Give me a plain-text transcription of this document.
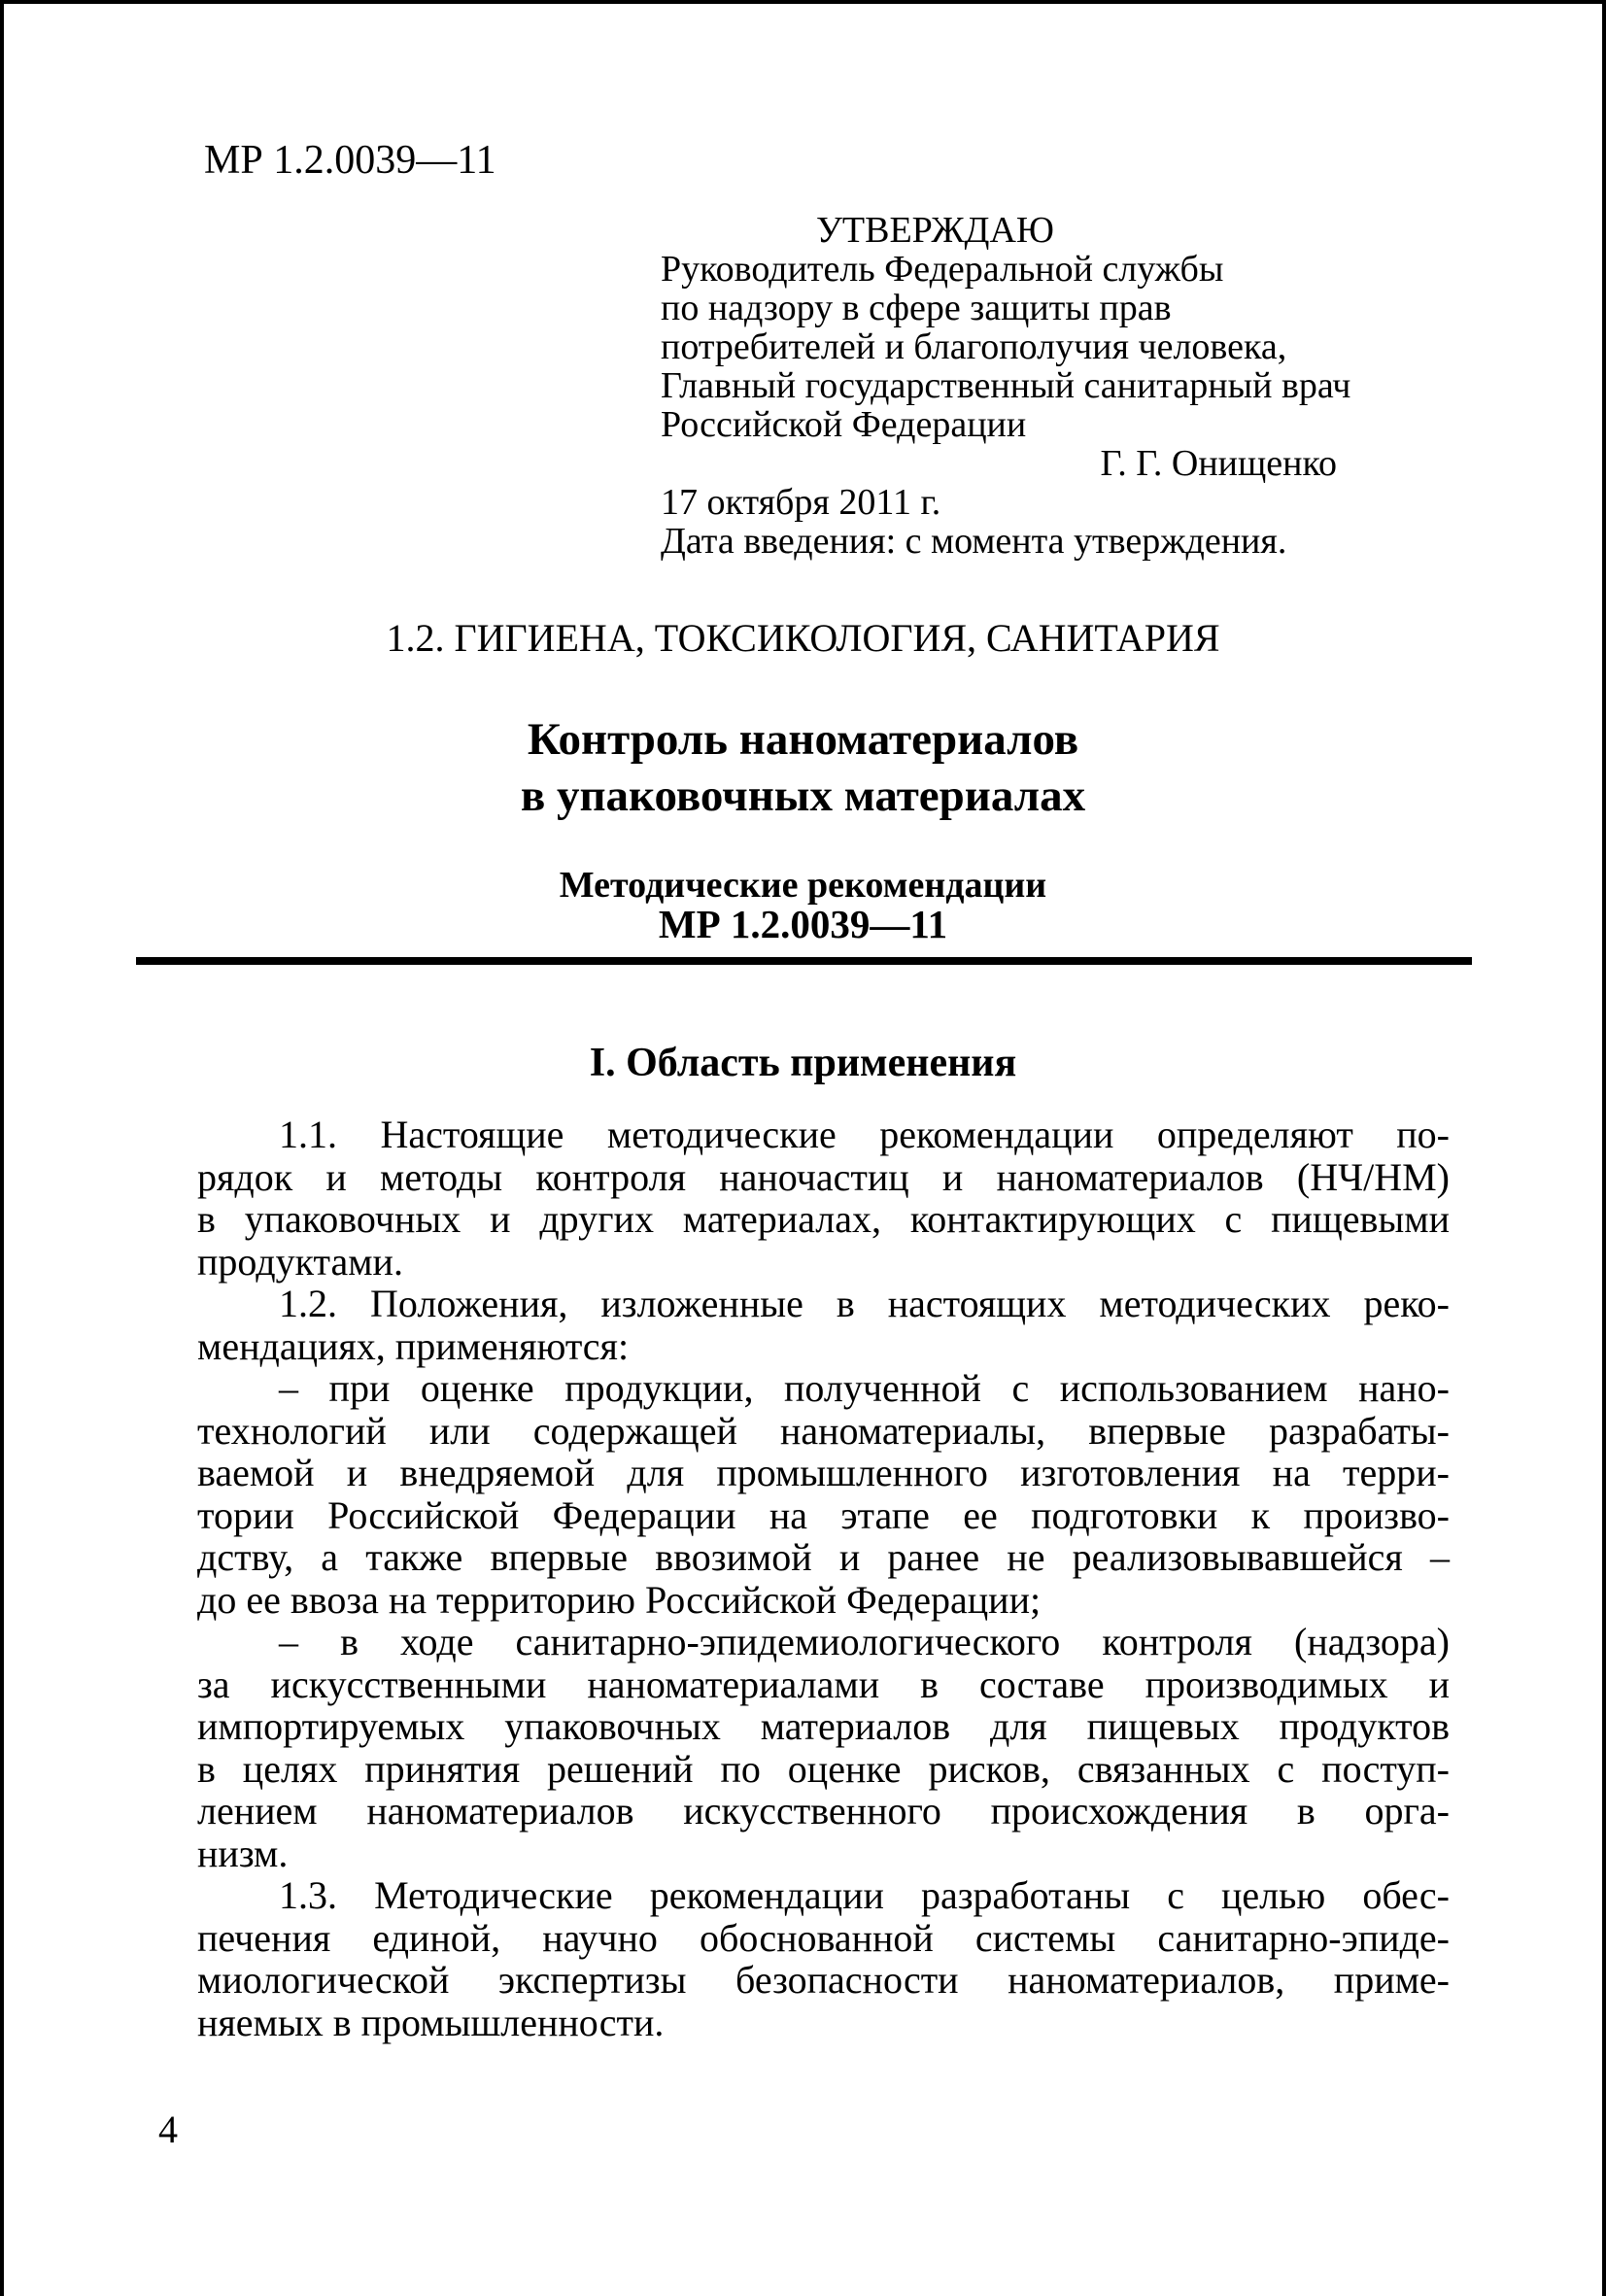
МР 1.2.0039—11
УТВЕРЖДАЮ
Руководитель Федеральной службы
по надзору в сфере защиты прав
потребителей и благополучия человека,
Главный государственный санитарный врач
Российской Федерации
Г. Г. Онищенко
17 октября 2011 г.
Дата введения: с момента утверждения.
1.2. ГИГИЕНА, ТОКСИКОЛОГИЯ, САНИТАРИЯ
Контроль наноматериалов
в упаковочных материалах
Методические рекомендации
МР 1.2.0039—11
I. Область применения
1.1. Настоящие методические рекомендации определяют по-
рядок и методы контроля наночастиц и наноматериалов (НЧ/НМ)
в упаковочных и других материалах, контактирующих с пищевыми
продуктами.
1.2. Положения, изложенные в настоящих методических реко-
мендациях, применяются:
– при оценке продукции, полученной с использованием нано-
технологий или содержащей наноматериалы, впервые разрабаты-
ваемой и внедряемой для промышленного изготовления на терри-
тории Российской Федерации на этапе ее подготовки к произво-
дству, а также впервые ввозимой и ранее не реализовывавшейся –
до ее ввоза на территорию Российской Федерации;
– в ходе санитарно-эпидемиологического контроля (надзора)
за искусственными наноматериалами в составе производимых и
импортируемых упаковочных материалов для пищевых продуктов
в целях принятия решений по оценке рисков, связанных с поступ-
лением наноматериалов искусственного происхождения в орга-
низм.
1.3. Методические рекомендации разработаны с целью обес-
печения единой, научно обоснованной системы санитарно-эпиде-
миологической экспертизы безопасности наноматериалов, приме-
няемых в промышленности.
4
